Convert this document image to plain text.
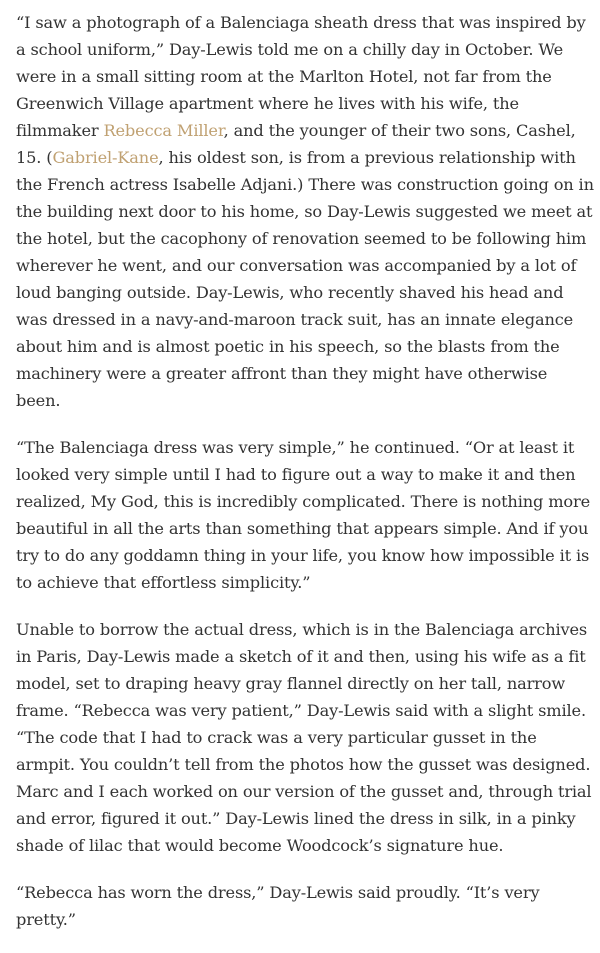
“I saw a photograph of a Balenciaga sheath dress that was inspired by a school uniform,” Day-Lewis told me on a chilly day in October. We were in a small sitting room at the Marlton Hotel, not far from the Greenwich Village apartment where he lives with his wife, the filmmaker Rebecca Miller, and the younger of their two sons, Cashel, 15. (Gabriel-Kane, his oldest son, is from a previous relationship with the French actress Isabelle Adjani.) There was construction going on in the building next door to his home, so Day-Lewis suggested we meet at the hotel, but the cacophony of renovation seemed to be following him wherever he went, and our conversation was accompanied by a lot of loud banging outside. Day-Lewis, who recently shaved his head and was dressed in a navy-and-maroon track suit, has an innate elegance about him and is almost poetic in his speech, so the blasts from the machinery were a greater affront than they might have otherwise been.

“The Balenciaga dress was very simple,” he continued. “Or at least it looked very simple until I had to figure out a way to make it and then realized, My God, this is incredibly complicated. There is nothing more beautiful in all the arts than something that appears simple. And if you try to do any goddamn thing in your life, you know how impossible it is to achieve that effortless simplicity.”

Unable to borrow the actual dress, which is in the Balenciaga archives in Paris, Day-Lewis made a sketch of it and then, using his wife as a fit model, set to draping heavy gray flannel directly on her tall, narrow frame. “Rebecca was very patient,” Day-Lewis said with a slight smile. “The code that I had to crack was a very particular gusset in the armpit. You couldn’t tell from the photos how the gusset was designed. Marc and I each worked on our version of the gusset and, through trial and error, figured it out.” Day-Lewis lined the dress in silk, in a pinky shade of lilac that would become Woodcock’s signature hue.

“Rebecca has worn the dress,” Day-Lewis said proudly. “It’s very pretty.”
